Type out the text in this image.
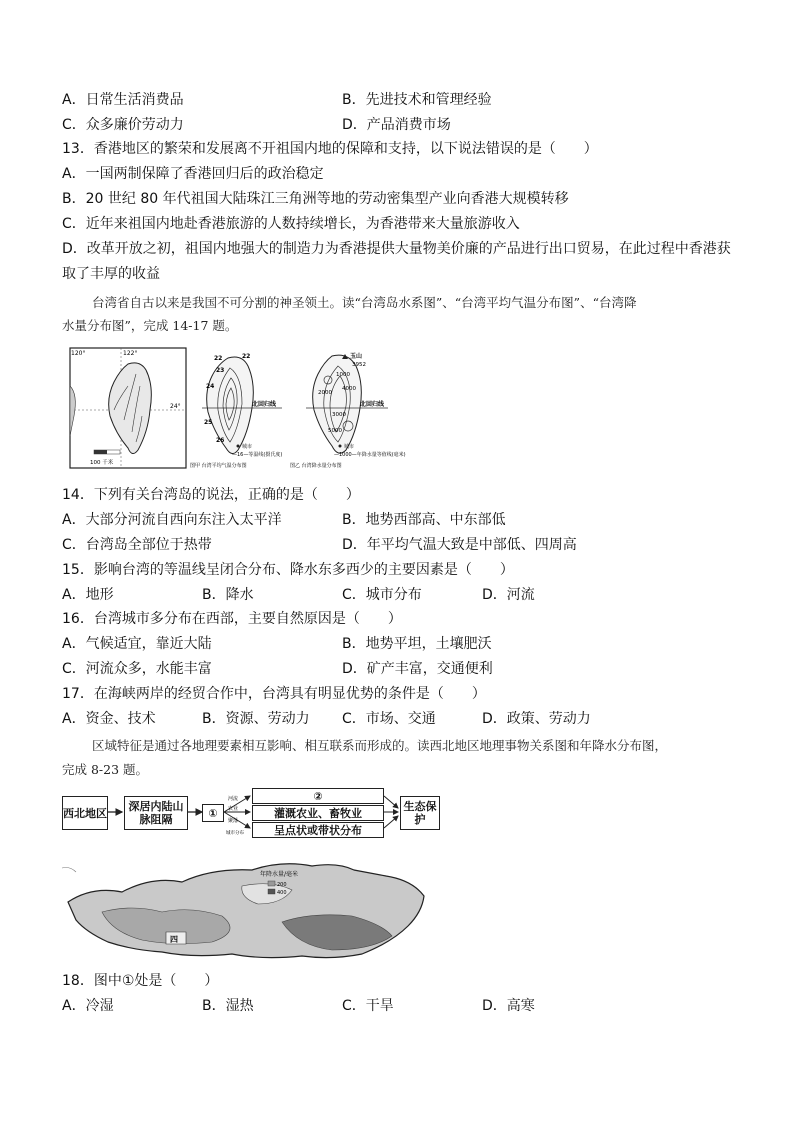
A．日常生活消费品	B．先进技术和管理经验
C．众多廉价劳动力	D．产品消费市场
13．香港地区的繁荣和发展离不开祖国内地的保障和支持，以下说法错误的是（　　）
A．一国两制保障了香港回归后的政治稳定
B．20 世纪 80 年代祖国大陆珠江三角洲等地的劳动密集型产业向香港大规模转移
C．近年来祖国内地赴香港旅游的人数持续增长，为香港带来大量旅游收入
D．改革开放之初，祖国内地强大的制造力为香港提供大量物美价廉的产品进行出口贸易，在此过程中香港获
取了丰厚的收益
台湾省自古以来是我国不可分割的神圣领土。读“台湾岛水系图”、“台湾平均气温分布图”、“台湾降
水量分布图”，完成 14-17 题。
120°	122°
24°
100 千米
22	22
23
24
25
26
北回归线
城市
—16—等温线(摄氏度)
图甲 台湾平均气温分布图
玉山
3952
1000
2000
3000
4000
5000
北回归线
城市
—1000—年降水量等值线(毫米)
图乙 台湾降水量分布图
14．下列有关台湾岛的说法，正确的是（　　）
A．大部分河流自西向东注入太平洋	B．地势西部高、中东部低
C．台湾岛全部位于热带	D．年平均气温大致是中部低、四周高
15．影响台湾的等温线呈闭合分布、降水东多西少的主要因素是（　　）
A．地形	B．降水	C．城市分布	D．河流
16．台湾城市多分布在西部，主要自然原因是（　　）
A．气候适宜，靠近大陆	B．地势平坦，土壤肥沃
C．河流众多，水能丰富	D．矿产丰富，交通便利
17．在海峡两岸的经贸合作中，台湾具有明显优势的条件是（　　）
A．资金、技术	B．资源、劳动力 C．市场、交通	D．政策、劳动力
区域特征是通过各地理要素相互影响、相互联系而形成的。读西北地区地理事物关系图和年降水分布图，
完成 8-23 题。
河流
农业
聚落
城市分布
西北地区	深居内陆山脉阻隔	①
②
灌溉农业、畜牧业
呈点状或带状分布
生态保护
四
年降水量/毫米
200
400
18．图中①处是（　　）
A．冷湿	B．湿热	C．干旱	D．高寒
